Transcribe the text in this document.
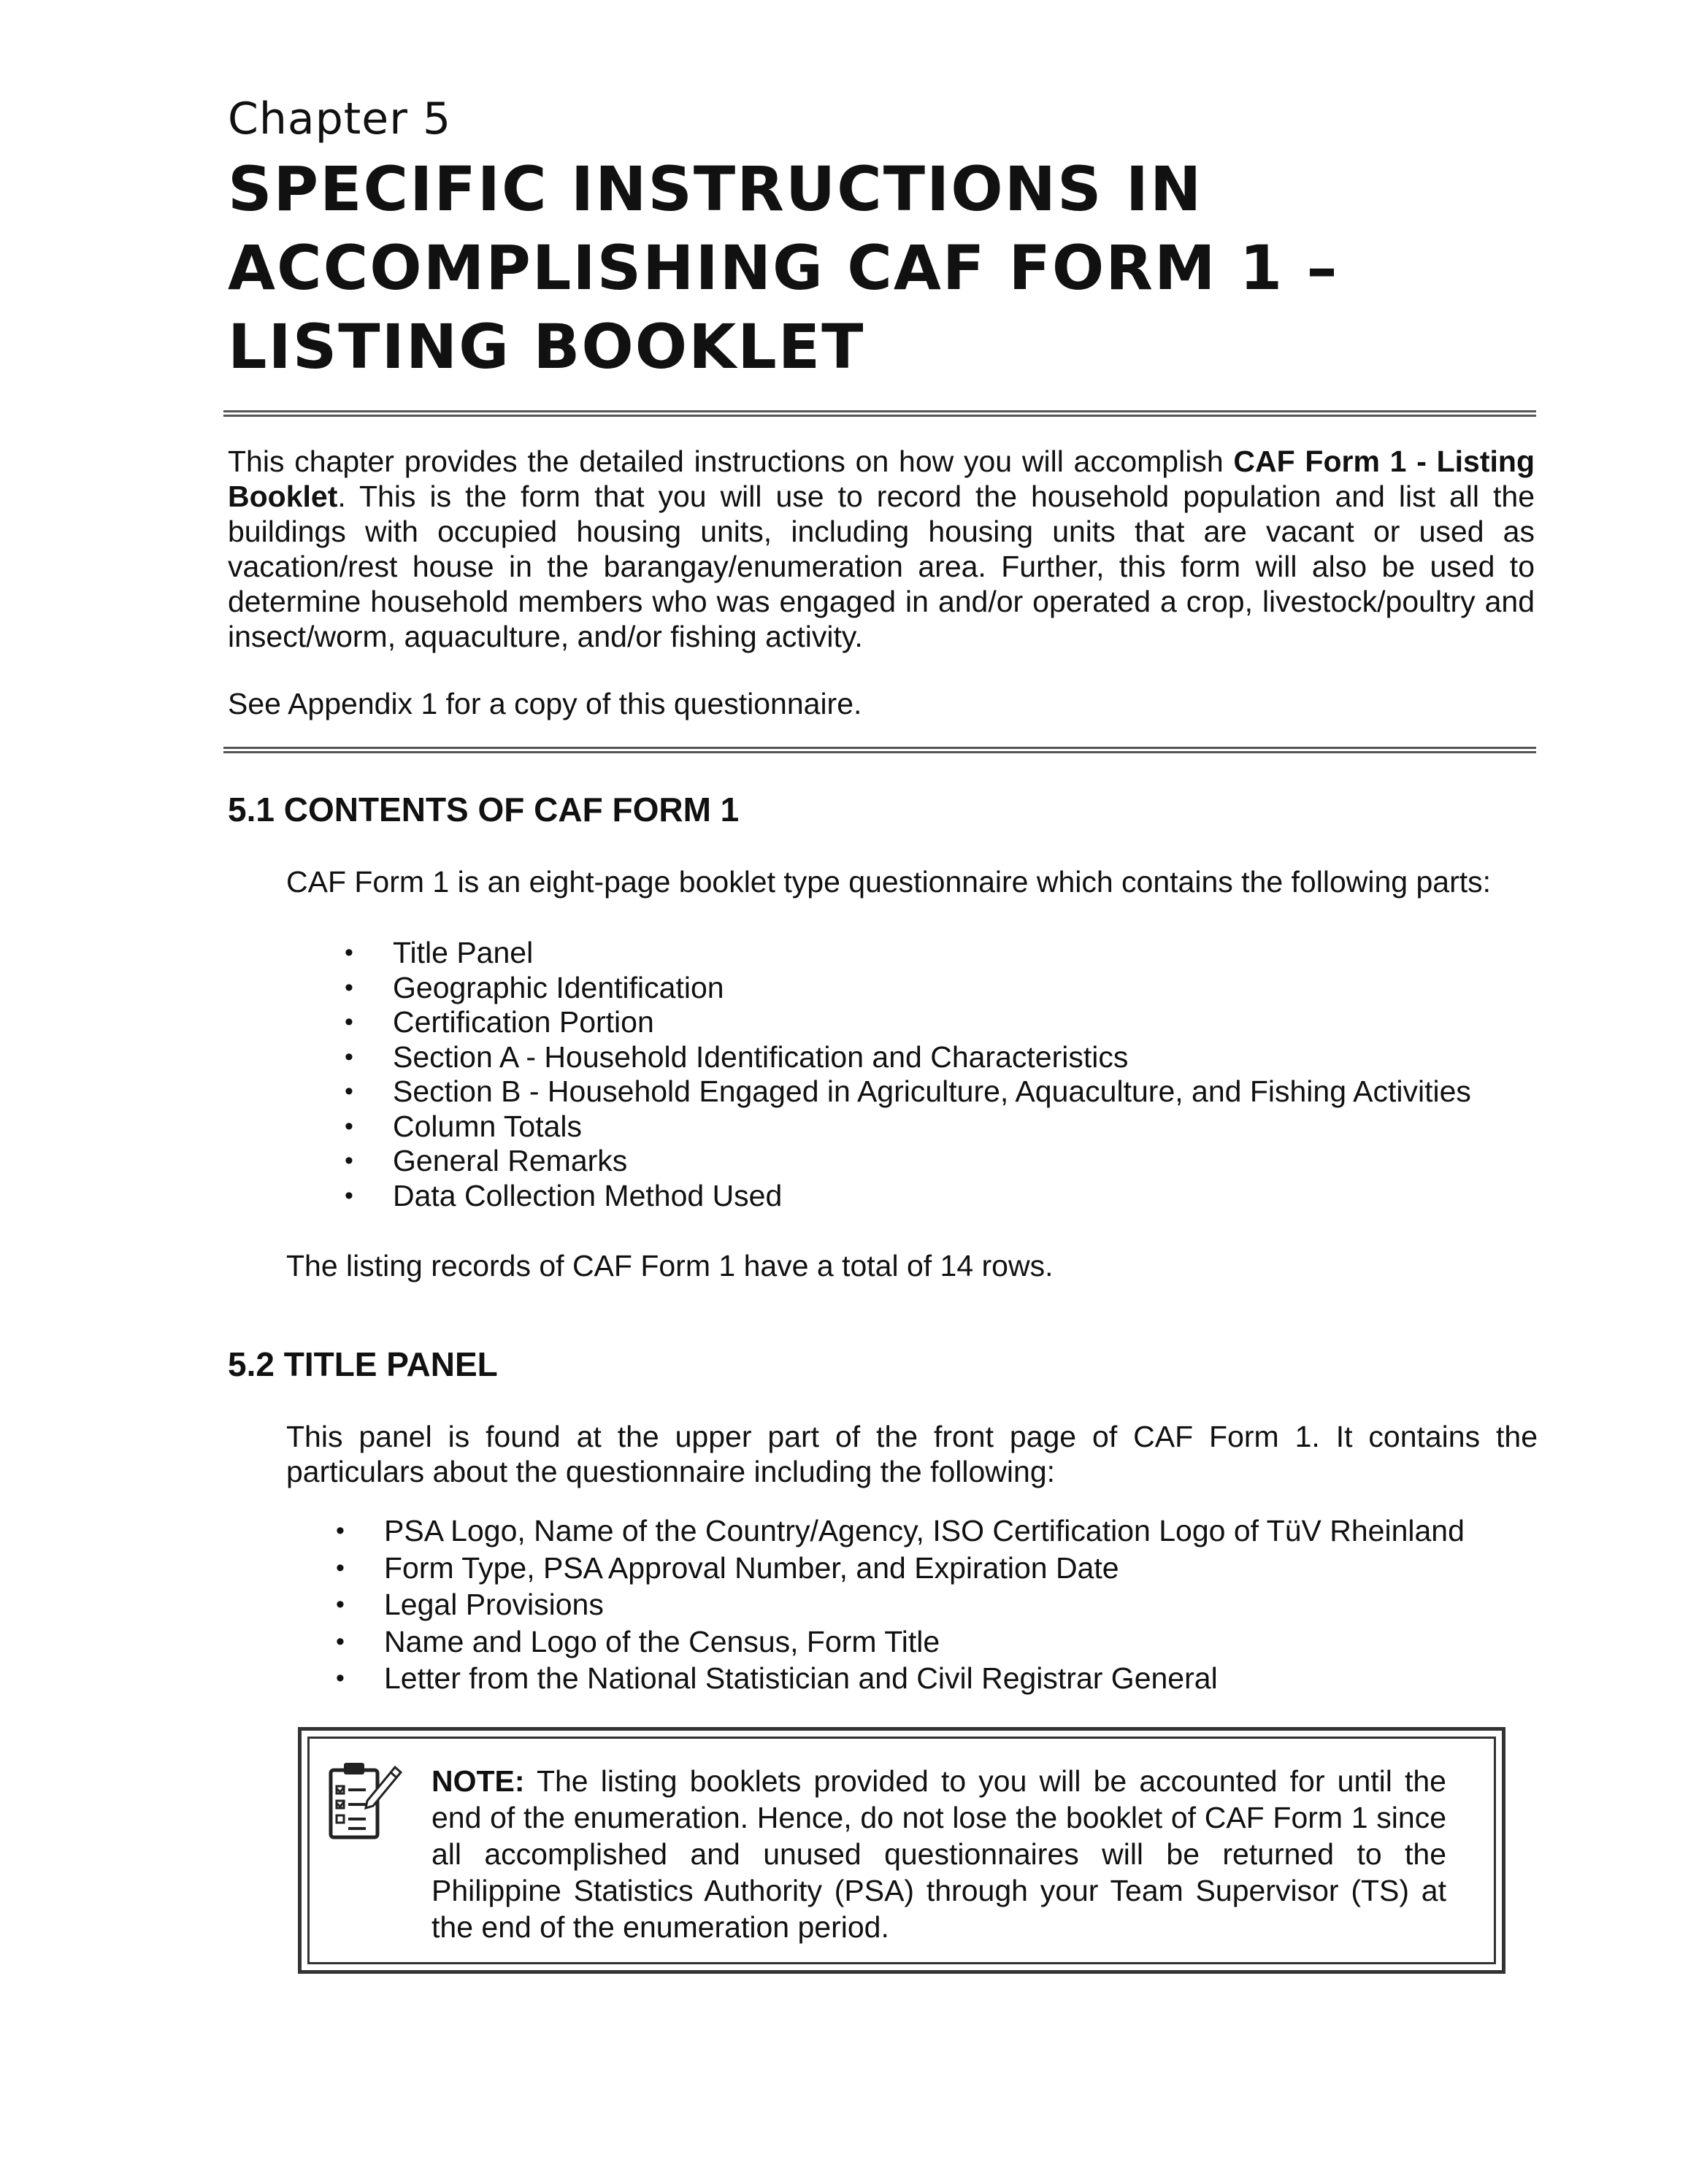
Chapter 5
SPECIFIC INSTRUCTIONS IN
ACCOMPLISHING CAF FORM 1 –
LISTING BOOKLET

This chapter provides the detailed instructions on how you will accomplish CAF Form 1 - Listing Booklet. This is the form that you will use to record the household population and list all the buildings with occupied housing units, including housing units that are vacant or used as vacation/rest house in the barangay/enumeration area. Further, this form will also be used to determine household members who was engaged in and/or operated a crop, livestock/poultry and insect/worm, aquaculture, and/or fishing activity.

See Appendix 1 for a copy of this questionnaire.

5.1 CONTENTS OF CAF FORM 1

CAF Form 1 is an eight-page booklet type questionnaire which contains the following parts:

• Title Panel
• Geographic Identification
• Certification Portion
• Section A - Household Identification and Characteristics
• Section B - Household Engaged in Agriculture, Aquaculture, and Fishing Activities
• Column Totals
• General Remarks
• Data Collection Method Used

The listing records of CAF Form 1 have a total of 14 rows.

5.2 TITLE PANEL

This panel is found at the upper part of the front page of CAF Form 1. It contains the particulars about the questionnaire including the following:

• PSA Logo, Name of the Country/Agency, ISO Certification Logo of TüV Rheinland
• Form Type, PSA Approval Number, and Expiration Date
• Legal Provisions
• Name and Logo of the Census, Form Title
• Letter from the National Statistician and Civil Registrar General

NOTE: The listing booklets provided to you will be accounted for until the end of the enumeration. Hence, do not lose the booklet of CAF Form 1 since all accomplished and unused questionnaires will be returned to the Philippine Statistics Authority (PSA) through your Team Supervisor (TS) at the end of the enumeration period.
